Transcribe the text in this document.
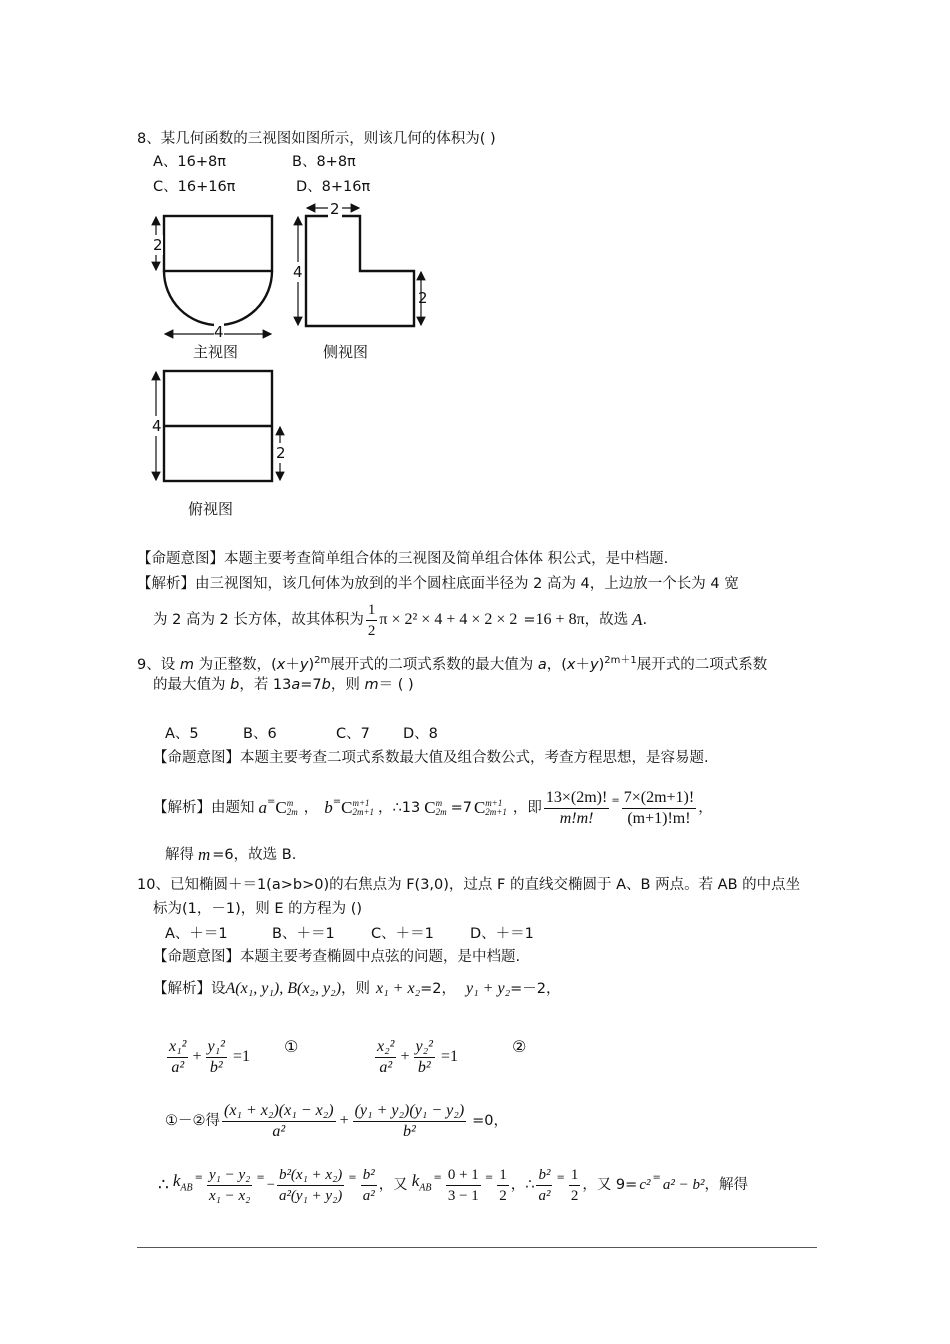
8、某几何函数的三视图如图所示，则该几何的体积为( )
A、16+8π	B、8+8π
C、16+16π	D、8+16π
2
4
2
4
2
4
2
主视图	侧视图
俯视图
【命题意图】本题主要考查简单组合体的三视图及简单组合体体 积公式，是中档题.
【解析】由三视图知，该几何体为放到的半个圆柱底面半径为 2 高为 4，上边放一个长为 4 宽
为 2 高为 2 长方体，故其体积为 $\frac{1}{2}$ π × 2² × 4 + 4 × 2 × 2 = 16 + 8π ，故选 A .
9、设 m 为正整数，$(x+y)^{2m}$展开式的二项式系数的最大值为 a，$(x+y)^{2m+1}$展开式的二项式系数
的最大值为 b，若 13a=7b，则 m＝ ( )
A、5	B、6	C、7 D、8
【命题意图】本题主要考查二项式系数最大值及组合数公式，考查方程思想，是容易题.
【解析】由题知 a = C m
2m ， b = C m+1
2m+1 ，∴13 C m
2m =7 C m+1
2m+1 ，即 $\frac{13\times(2m)!}{m!m!} = \frac{7\times(2m+1)!}{(m+1)!m!}$ ，
解得 m =6，故选 B.
10、已知椭圆＋＝1(a>b>0)的右焦点为 F(3,0)，过点 F 的直线交椭圆于 A、B 两点。若 AB 的中点坐
标为(1，－1)，则 E 的方程为 ()
A、＋＝1	B、＋＝1	C、＋＝1 D、＋＝1
【命题意图】本题主要考查椭圆中点弦的问题，是中档题.
【解析】设 A(x₁, y₁), B(x₂, y₂) ，则 x₁ + x₂ =2， y₁ + y₂ =－2，
$\frac{\text{x₁²}}{\text{a²}} + \frac{\text{y₁²}}{\text{b²}} =1$
①	$\frac{\text{x₂²}}{\text{a²}} + \frac{\text{y₂²}}{\text{b²}} =1$
②
①－②得 $\frac{\text{(x₁ + x₂)(x₁ − x₂)}}{\text{a²}} + \frac{\text{(y₁ + y₂)(y₁ − y₂)}}{\text{b²}} =0$，
∴ $k_{AB}$
= $\frac{\text{y₁ − y₂}}{\text{x₁ − x₂}}$ = − $\frac{\text{b²(x₁ + x₂)}}{\text{a²(y₁ + y₂)}} = \frac{\text{b²}}{\text{a²}}$ ，又 $k_{AB}$
= $\frac{0 + 1}{3 - 1} = \frac{1}{2}$ ，∴ $\frac{\text{b²}}{\text{a²}} = \frac{1}{2}$ ，又 9= c² = a² − b² ，解得
